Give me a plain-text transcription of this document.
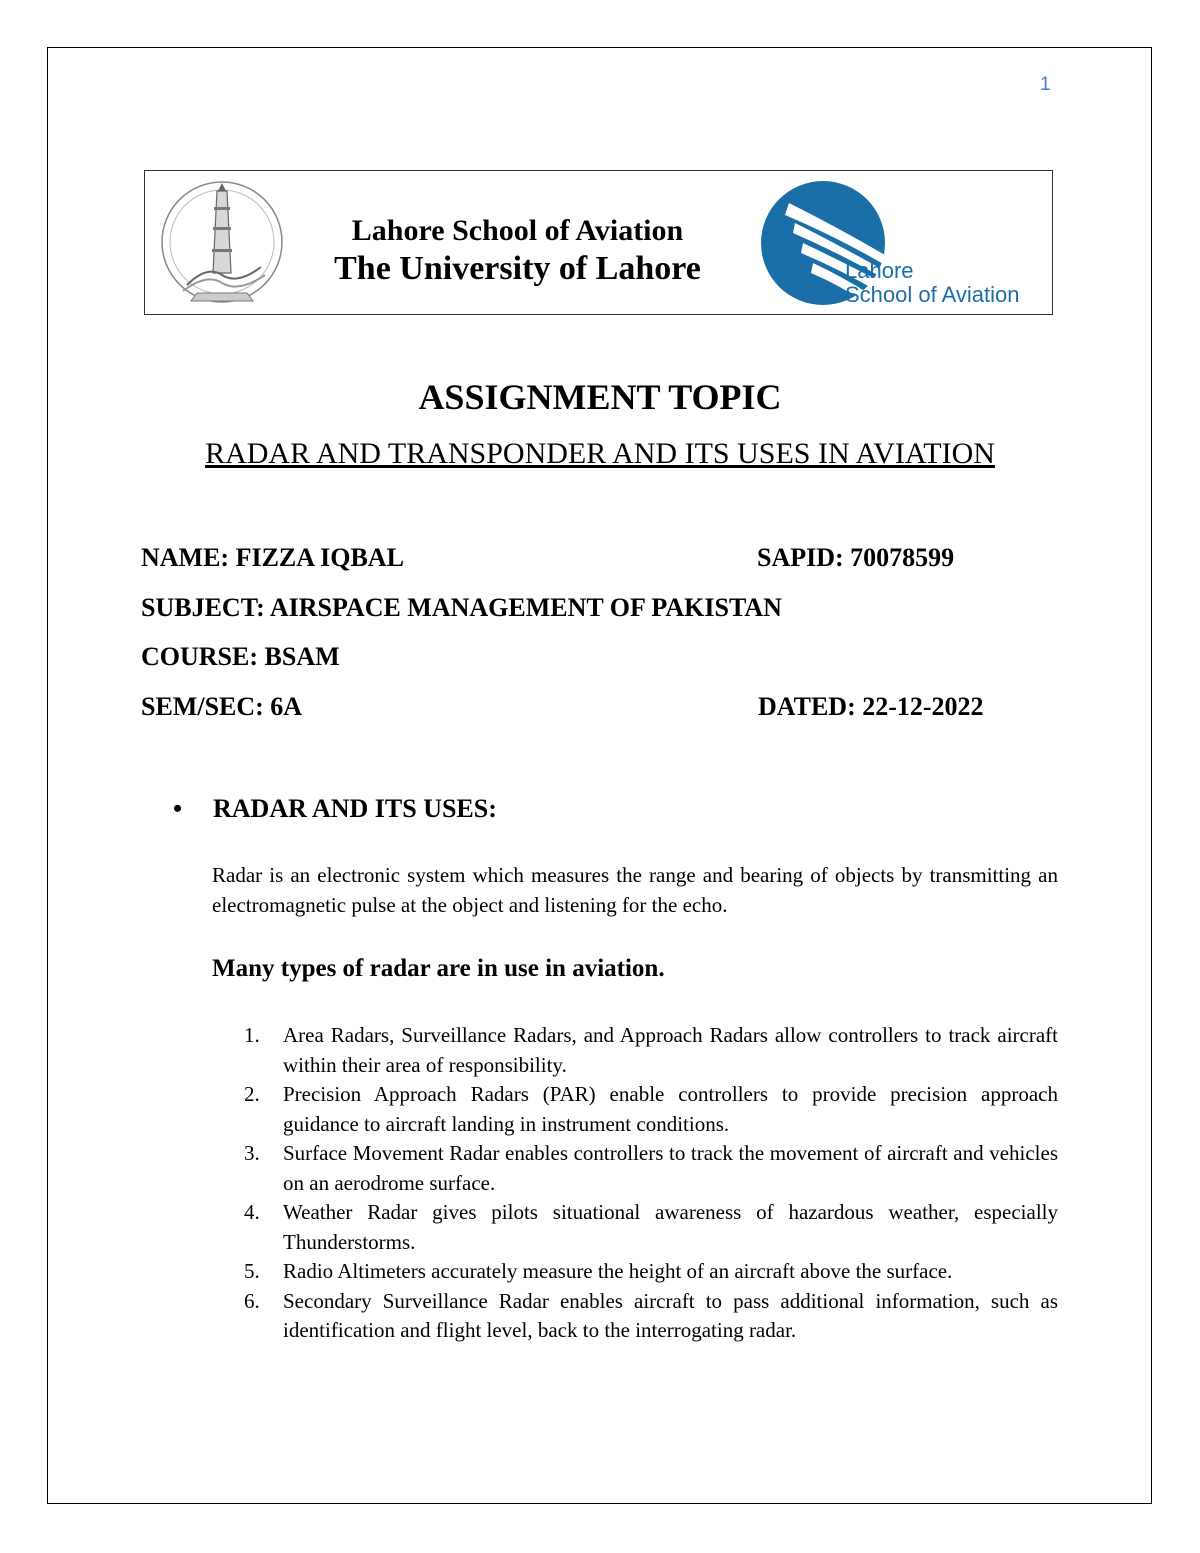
1
Lahore School of Aviation
The University of Lahore	Lahore
School of Aviation
ASSIGNMENT TOPIC
RADAR AND TRANSPONDER AND ITS USES IN AVIATION
NAME: FIZZA IQBAL	SAPID: 70078599
SUBJECT: AIRSPACE MANAGEMENT OF PAKISTAN
COURSE: BSAM
SEM/SEC: 6A	DATED: 22-12-2022
• RADAR AND ITS USES:

Radar is an electronic system which measures the range and bearing of objects by transmitting an electromagnetic pulse at the object and listening for the echo.

Many types of radar are in use in aviation.
1. Area Radars, Surveillance Radars, and Approach Radars allow controllers to track aircraft within their area of responsibility.
2. Precision Approach Radars (PAR) enable controllers to provide precision approach guidance to aircraft landing in instrument conditions.
3. Surface Movement Radar enables controllers to track the movement of aircraft and vehicles on an aerodrome surface.
4. Weather Radar gives pilots situational awareness of hazardous weather, especially Thunderstorms.
5. Radio Altimeters accurately measure the height of an aircraft above the surface.
6. Secondary Surveillance Radar enables aircraft to pass additional information, such as identification and flight level, back to the interrogating radar.
